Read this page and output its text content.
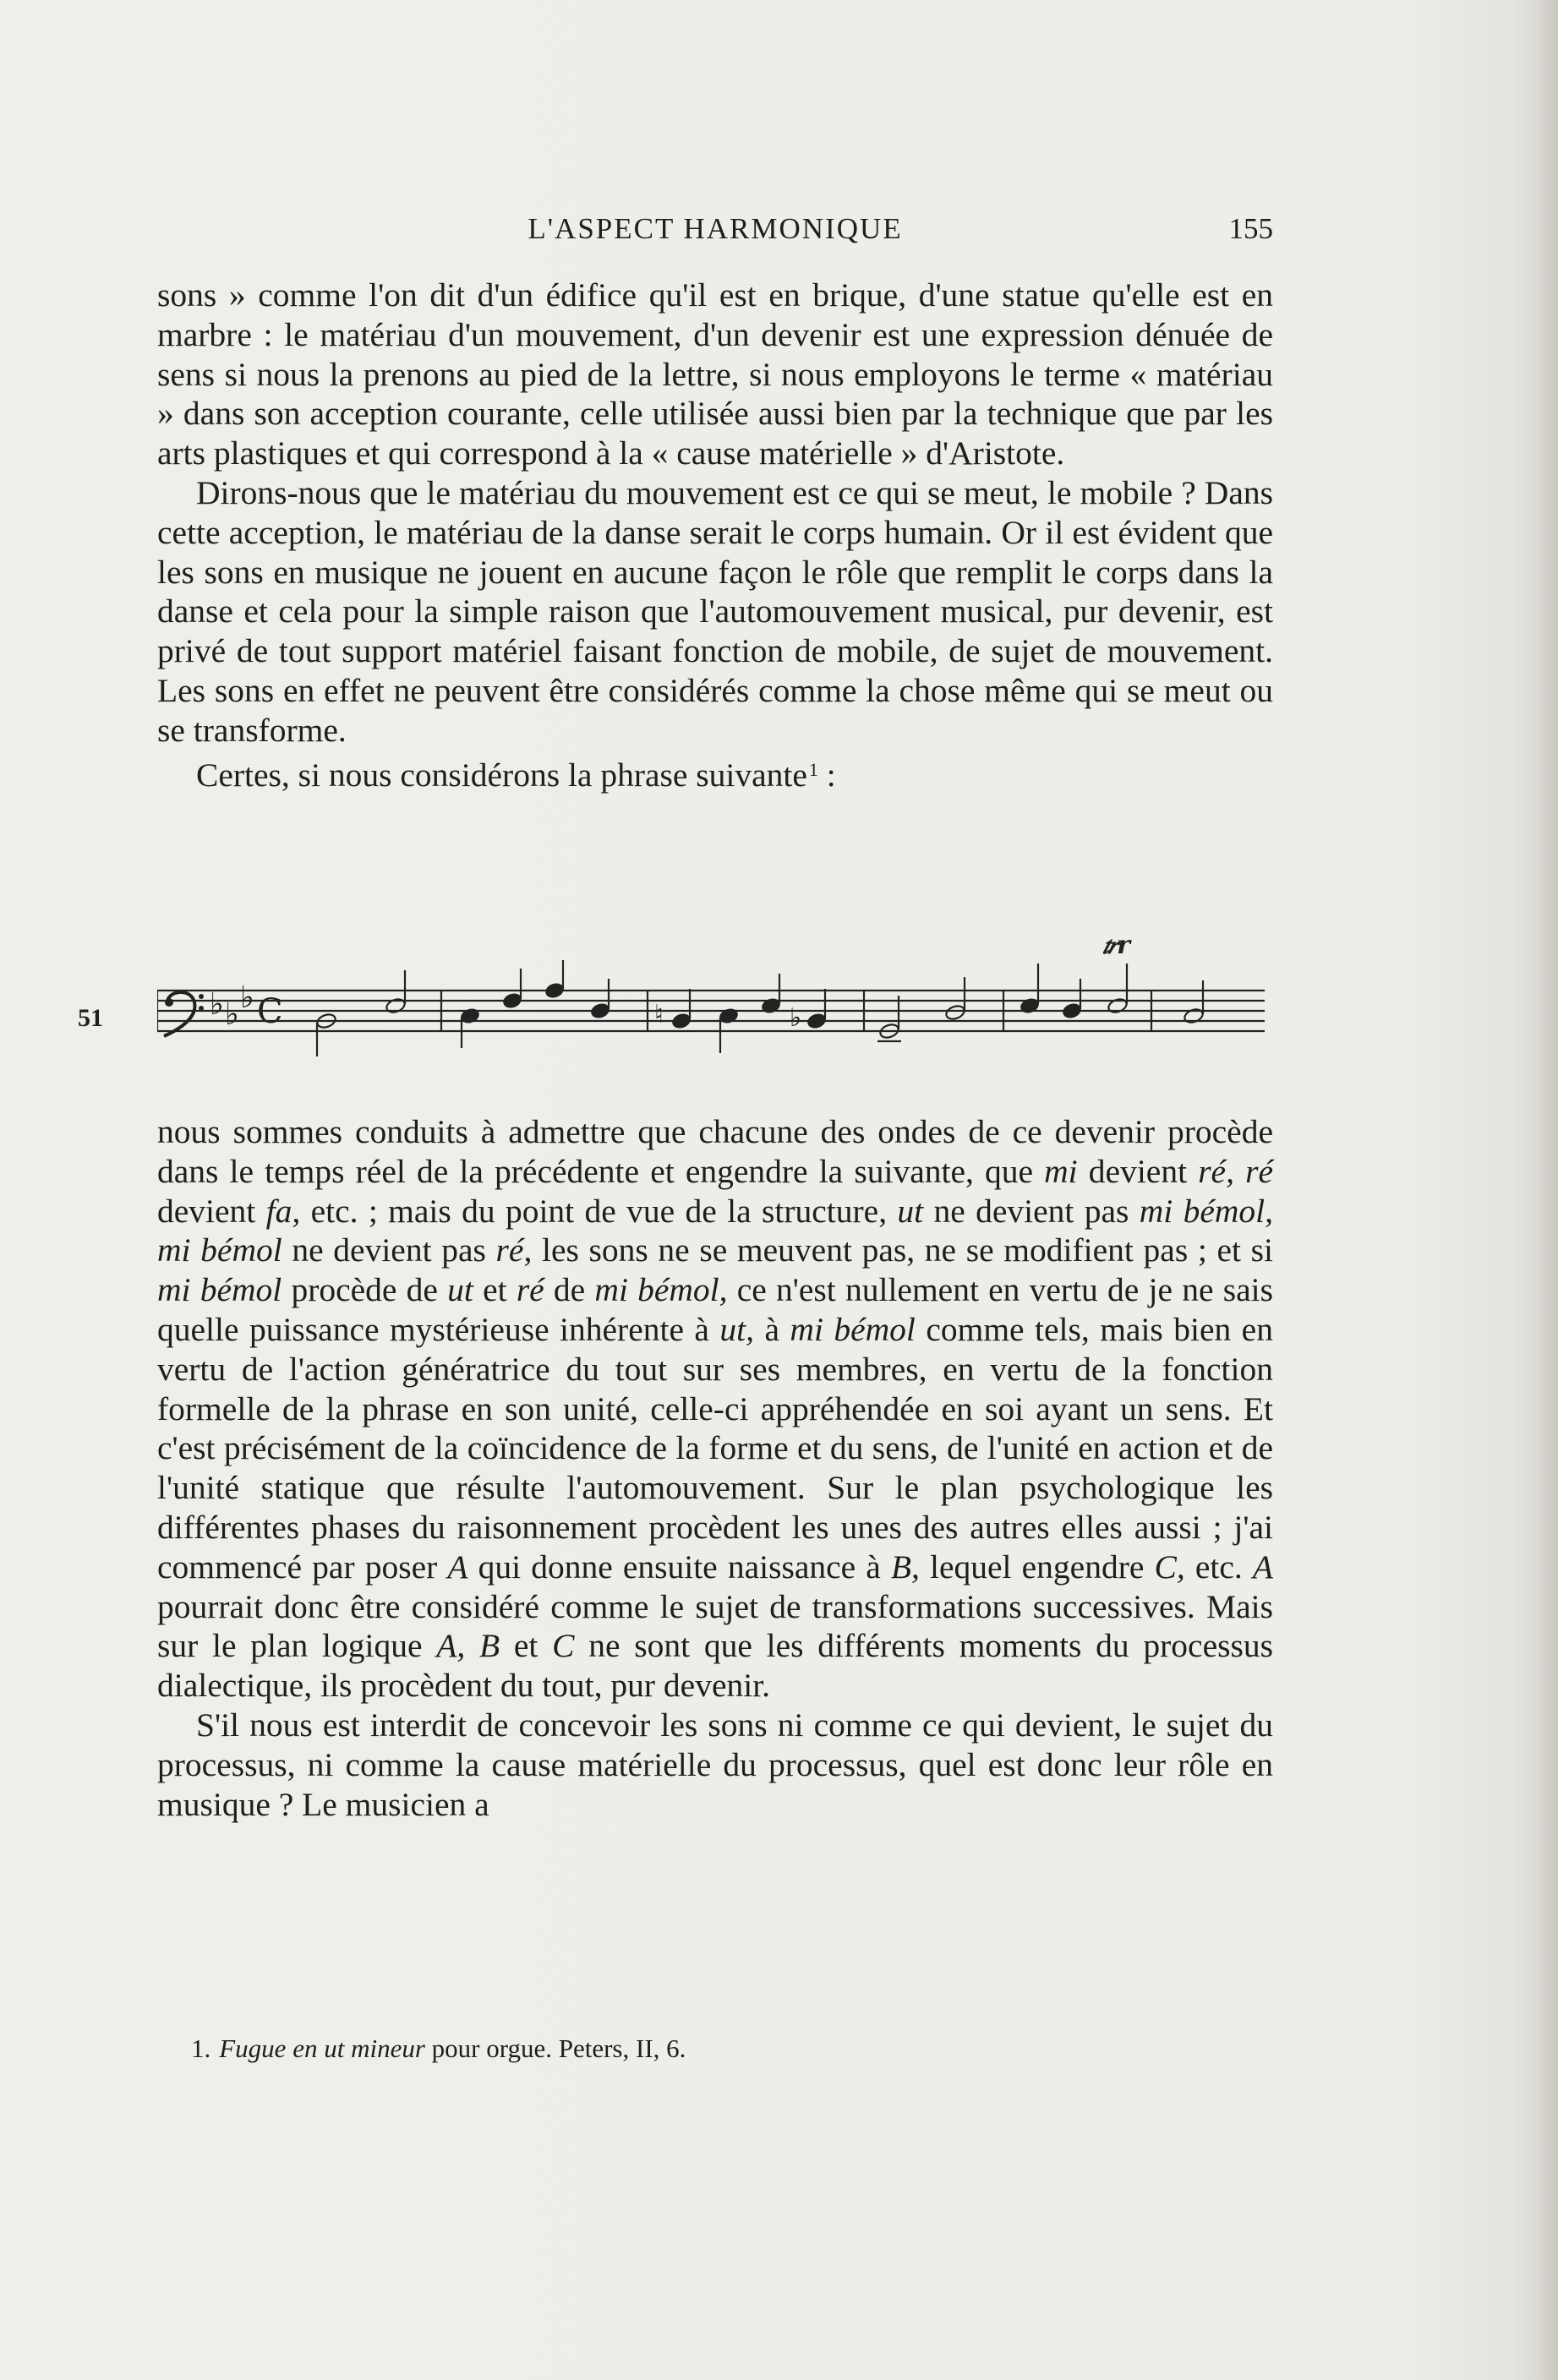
L'ASPECT HARMONIQUE	155

sons » comme l'on dit d'un édifice qu'il est en brique, d'une statue qu'elle est en marbre : le matériau d'un mouvement, d'un devenir est une expression dénuée de sens si nous la prenons au pied de la lettre, si nous employons le terme « matériau » dans son acception courante, celle utilisée aussi bien par la technique que par les arts plastiques et qui correspond à la « cause matérielle » d'Aristote.

Dirons-nous que le matériau du mouvement est ce qui se meut, le mobile ? Dans cette acception, le matériau de la danse serait le corps humain. Or il est évident que les sons en musique ne jouent en aucune façon le rôle que remplit le corps dans la danse et cela pour la simple raison que l'automouvement musical, pur devenir, est privé de tout support matériel faisant fonction de mobile, de sujet de mouvement. Les sons en effet ne peuvent être considérés comme la chose même qui se meut ou se transforme.

Certes, si nous considérons la phrase suivante$^1$ :

51	♭ ♭ ♭ C	♮	♭
𝆖r

nous sommes conduits à admettre que chacune des ondes de ce devenir procède dans le temps réel de la précédente et engendre la suivante, que mi devient ré, ré devient fa, etc. ; mais du point de vue de la structure, ut ne devient pas mi bémol, mi bémol ne devient pas ré, les sons ne se meuvent pas, ne se modifient pas ; et si mi bémol procède de ut et ré de mi bémol, ce n'est nullement en vertu de je ne sais quelle puissance mystérieuse inhérente à ut, à mi bémol comme tels, mais bien en vertu de l'action génératrice du tout sur ses membres, en vertu de la fonction formelle de la phrase en son unité, celle-ci appréhendée en soi ayant un sens. Et c'est précisément de la coïncidence de la forme et du sens, de l'unité en action et de l'unité statique que résulte l'automouvement. Sur le plan psychologique les différentes phases du raisonnement procèdent les unes des autres elles aussi ; j'ai commencé par poser A qui donne ensuite naissance à B, lequel engendre C, etc. A pourrait donc être considéré comme le sujet de transformations successives. Mais sur le plan logique A, B et C ne sont que les différents moments du processus dialectique, ils procèdent du tout, pur devenir.

S'il nous est interdit de concevoir les sons ni comme ce qui devient, le sujet du processus, ni comme la cause matérielle du processus, quel est donc leur rôle en musique ? Le musicien a

1. Fugue en ut mineur pour orgue. Peters, II, 6.
